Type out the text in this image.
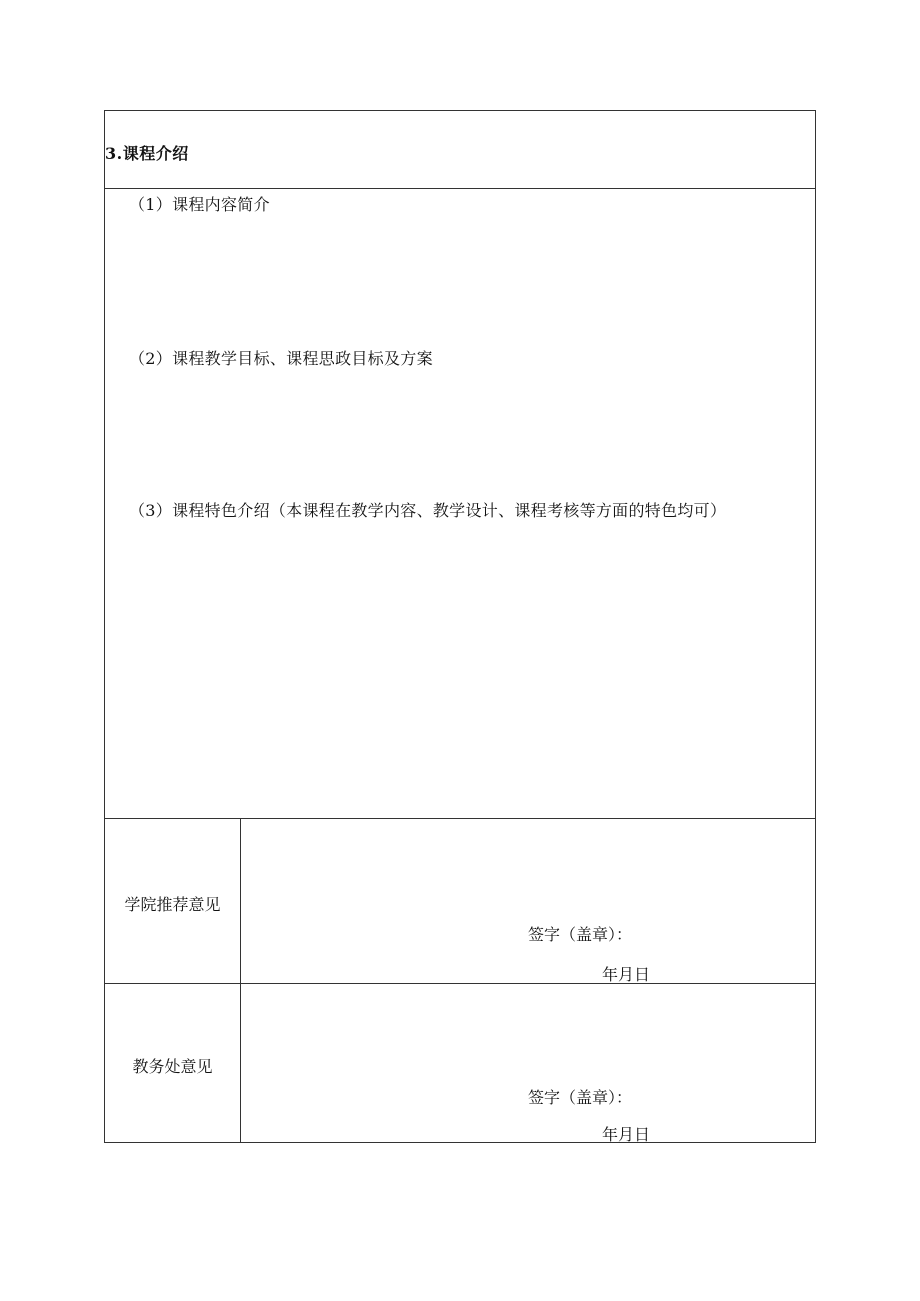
3.课程介绍
（1）课程内容简介
（2）课程教学目标、课程思政目标及方案
（3）课程特色介绍（本课程在教学内容、教学设计、课程考核等方面的特色均可）
学院推荐意见
签字（盖章）：
年月日
教务处意见
签字（盖章）：
年月日
